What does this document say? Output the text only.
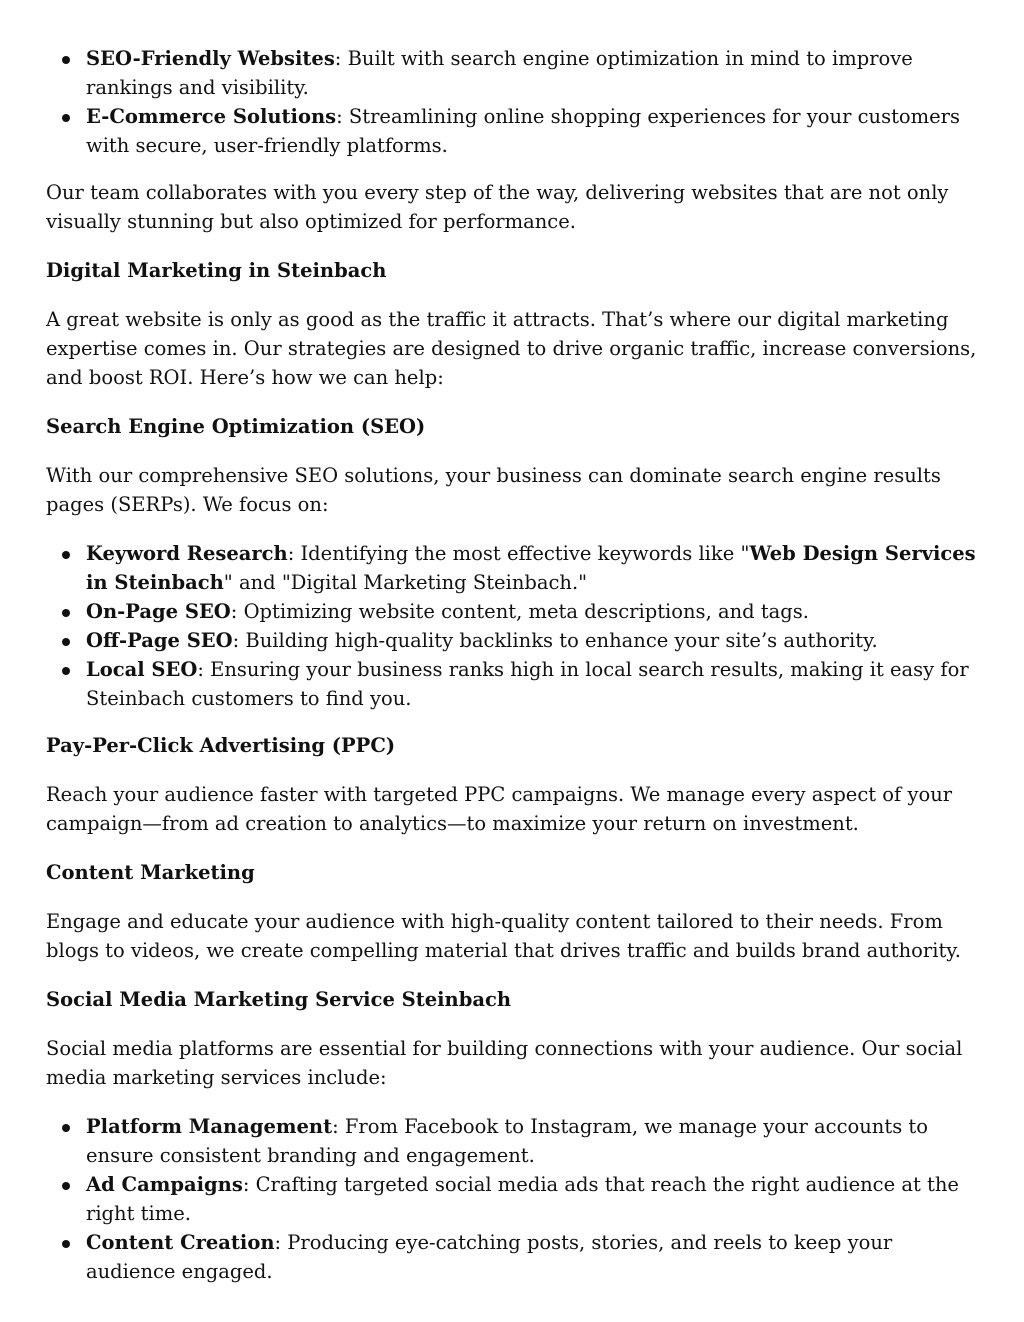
SEO-Friendly Websites: Built with search engine optimization in mind to improve rankings and visibility.
E-Commerce Solutions: Streamlining online shopping experiences for your customers with secure, user-friendly platforms.

Our team collaborates with you every step of the way, delivering websites that are not only visually stunning but also optimized for performance.

Digital Marketing in Steinbach

A great website is only as good as the traffic it attracts. That’s where our digital marketing expertise comes in. Our strategies are designed to drive organic traffic, increase conversions, and boost ROI. Here’s how we can help:

Search Engine Optimization (SEO)

With our comprehensive SEO solutions, your business can dominate search engine results pages (SERPs). We focus on:

Keyword Research: Identifying the most effective keywords like "Web Design Services in Steinbach" and "Digital Marketing Steinbach."
On-Page SEO: Optimizing website content, meta descriptions, and tags.
Off-Page SEO: Building high-quality backlinks to enhance your site’s authority.
Local SEO: Ensuring your business ranks high in local search results, making it easy for Steinbach customers to find you.

Pay-Per-Click Advertising (PPC)

Reach your audience faster with targeted PPC campaigns. We manage every aspect of your campaign—from ad creation to analytics—to maximize your return on investment.

Content Marketing

Engage and educate your audience with high-quality content tailored to their needs. From blogs to videos, we create compelling material that drives traffic and builds brand authority.

Social Media Marketing Service Steinbach

Social media platforms are essential for building connections with your audience. Our social media marketing services include:

Platform Management: From Facebook to Instagram, we manage your accounts to ensure consistent branding and engagement.
Ad Campaigns: Crafting targeted social media ads that reach the right audience at the right time.
Content Creation: Producing eye-catching posts, stories, and reels to keep your audience engaged.
